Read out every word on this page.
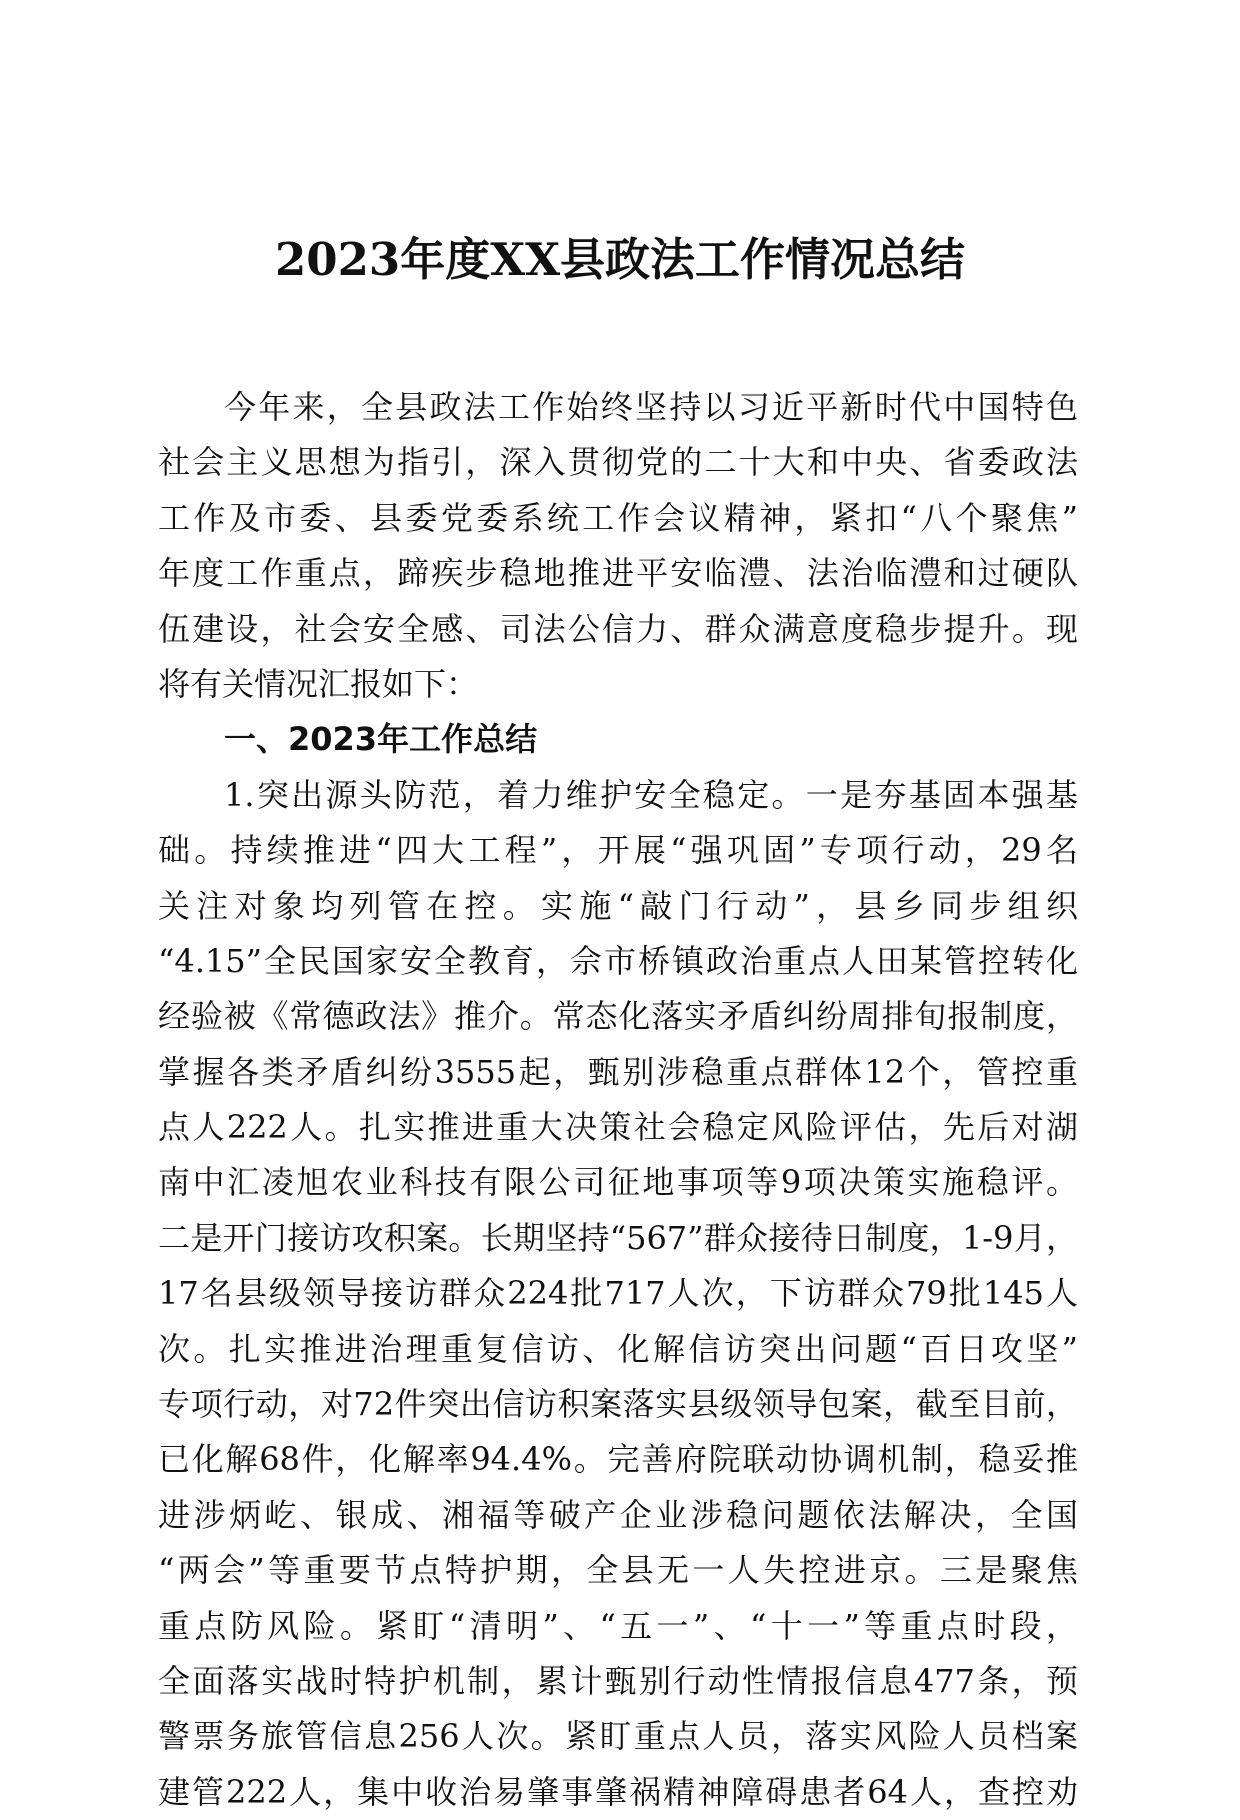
2023年度XX县政法工作情况总结
今年来，全县政法工作始终坚持以习近平新时代中国特色
社会主义思想为指引，深入贯彻党的二十大和中央、省委政法
工作及市委、县委党委系统工作会议精神，紧扣“八个聚焦”
年度工作重点，蹄疾步稳地推进平安临澧、法治临澧和过硬队
伍建设，社会安全感、司法公信力、群众满意度稳步提升。现
将有关情况汇报如下：
一、2023年工作总结
1.突出源头防范，着力维护安全稳定。一是夯基固本强基
础。持续推进“四大工程”，开展“强巩固”专项行动，29名
关注对象均列管在控。实施“敲门行动”，县乡同步组织
“4.15”全民国家安全教育，佘市桥镇政治重点人田某管控转化
经验被《常德政法》推介。常态化落实矛盾纠纷周排旬报制度，
掌握各类矛盾纠纷3555起，甄别涉稳重点群体12个，管控重
点人222人。扎实推进重大决策社会稳定风险评估，先后对湖
南中汇凌旭农业科技有限公司征地事项等9项决策实施稳评。
二是开门接访攻积案。长期坚持“567”群众接待日制度，1-9月，
17名县级领导接访群众224批717人次，下访群众79批145人
次。扎实推进治理重复信访、化解信访突出问题“百日攻坚”
专项行动，对72件突出信访积案落实县级领导包案，截至目前，
已化解68件，化解率94.4%。完善府院联动协调机制，稳妥推
进涉炳屹、银成、湘福等破产企业涉稳问题依法解决，全国
“两会”等重要节点特护期，全县无一人失控进京。三是聚焦
重点防风险。紧盯“清明”、“五一”、“十一”等重点时段，
全面落实战时特护机制，累计甄别行动性情报信息477条，预
警票务旅管信息256人次。紧盯重点人员，落实风险人员档案
建管222人，集中收治易肇事肇祸精神障碍患者64人，查控劝
